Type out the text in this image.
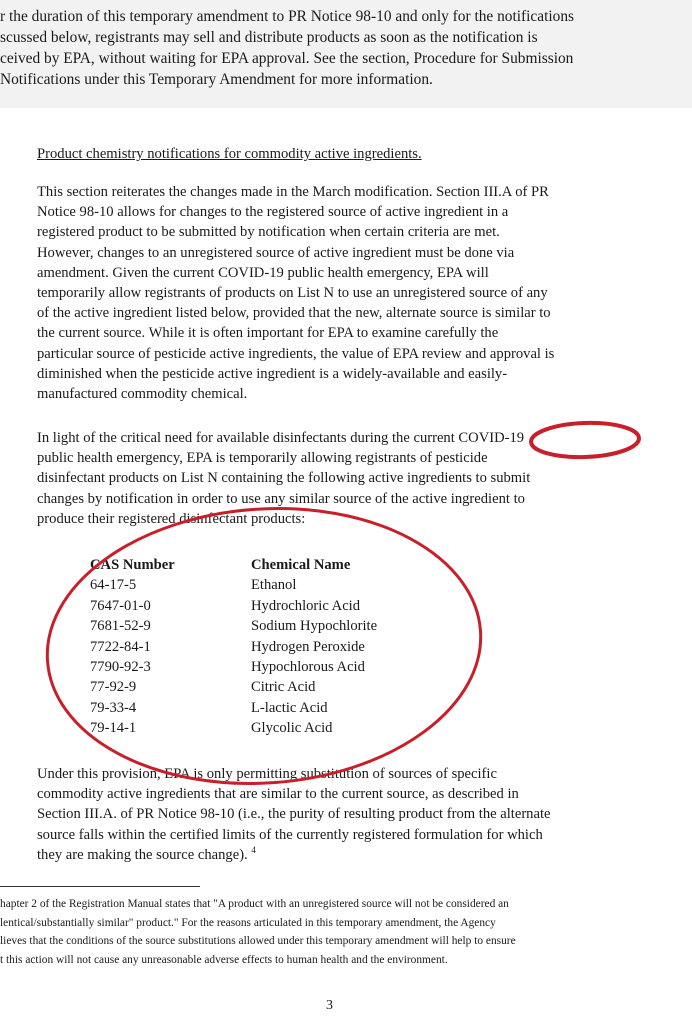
r the duration of this temporary amendment to PR Notice 98-10 and only for the notifications
scussed below, registrants may sell and distribute products as soon as the notification is
ceived by EPA, without waiting for EPA approval. See the section, Procedure for Submission
Notifications under this Temporary Amendment for more information.
Product chemistry notifications for commodity active ingredients.
This section reiterates the changes made in the March modification. Section III.A of PR
Notice 98-10 allows for changes to the registered source of active ingredient in a
registered product to be submitted by notification when certain criteria are met.
However, changes to an unregistered source of active ingredient must be done via
amendment. Given the current COVID-19 public health emergency, EPA will
temporarily allow registrants of products on List N to use an unregistered source of any
of the active ingredient listed below, provided that the new, alternate source is similar to
the current source. While it is often important for EPA to examine carefully the
particular source of pesticide active ingredients, the value of EPA review and approval is
diminished when the pesticide active ingredient is a widely-available and easily-
manufactured commodity chemical.
In light of the critical need for available disinfectants during the current COVID-19
public health emergency, EPA is temporarily allowing registrants of pesticide
disinfectant products on List N containing the following active ingredients to submit
changes by notification in order to use any similar source of the active ingredient to
produce their registered disinfectant products:
CAS Number	Chemical Name
64-17-5	Ethanol
7647-01-0	Hydrochloric Acid
7681-52-9	Sodium Hypochlorite
7722-84-1	Hydrogen Peroxide
7790-92-3	Hypochlorous Acid
77-92-9	Citric Acid
79-33-4	L-lactic Acid
79-14-1	Glycolic Acid
Under this provision, EPA is only permitting substitution of sources of specific
commodity active ingredients that are similar to the current source, as described in
Section III.A. of PR Notice 98-10 (i.e., the purity of resulting product from the alternate
source falls within the certified limits of the currently registered formulation for which
they are making the source change). $^4$
hapter 2 of the Registration Manual states that "A product with an unregistered source will not be considered an
lentical/substantially similar" product." For the reasons articulated in this temporary amendment, the Agency
lieves that the conditions of the source substitutions allowed under this temporary amendment will help to ensure
t this action will not cause any unreasonable adverse effects to human health and the environment.
3
